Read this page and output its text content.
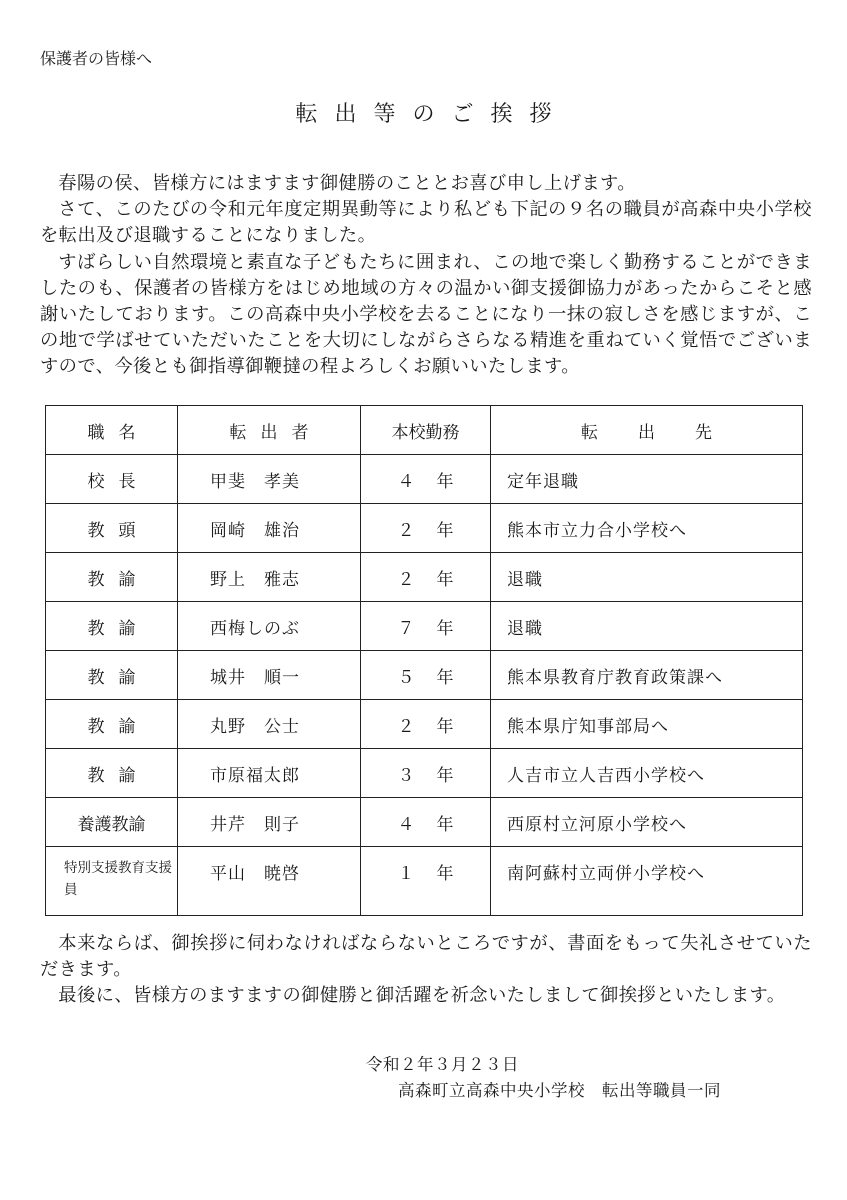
保護者の皆様へ
転出等のご挨拶

春陽の侯、皆様方にはますます御健勝のこととお喜び申し上げます。

さて、このたびの令和元年度定期異動等により私ども下記の９名の職員が高森中央小学校を転出及び退職することになりました。

すばらしい自然環境と素直な子どもたちに囲まれ、この地で楽しく勤務することができましたのも、保護者の皆様方をはじめ地域の方々の温かい御支援御協力があったからこそと感謝いたしております。この高森中央小学校を去ることになり一抹の寂しさを感じますが、この地で学ばせていただいたことを大切にしながらさらなる精進を重ねていく覚悟でございますので、今後とも御指導御鞭撻の程よろしくお願いいたします。

職名	転出者	本校勤務	転出先
校長	甲斐　孝美	４年	定年退職
教頭	岡崎　雄治	２年	熊本市立力合小学校へ
教諭	野上　雅志	２年	退職
教諭	西梅しのぶ	７年	退職
教諭	城井　順一	５年	熊本県教育庁教育政策課へ
教諭	丸野　公士	２年	熊本県庁知事部局へ
教諭	市原福太郎	３年	人吉市立人吉西小学校へ
養護教諭	井芹　則子	４年	西原村立河原小学校へ
特別支援教育支援員	平山　暁啓	１年	南阿蘇村立両併小学校へ

本来ならば、御挨拶に伺わなければならないところですが、書面をもって失礼させていただきます。

最後に、皆様方のますますの御健勝と御活躍を祈念いたしまして御挨拶といたします。

令和２年３月２３日
高森町立高森中央小学校　転出等職員一同
